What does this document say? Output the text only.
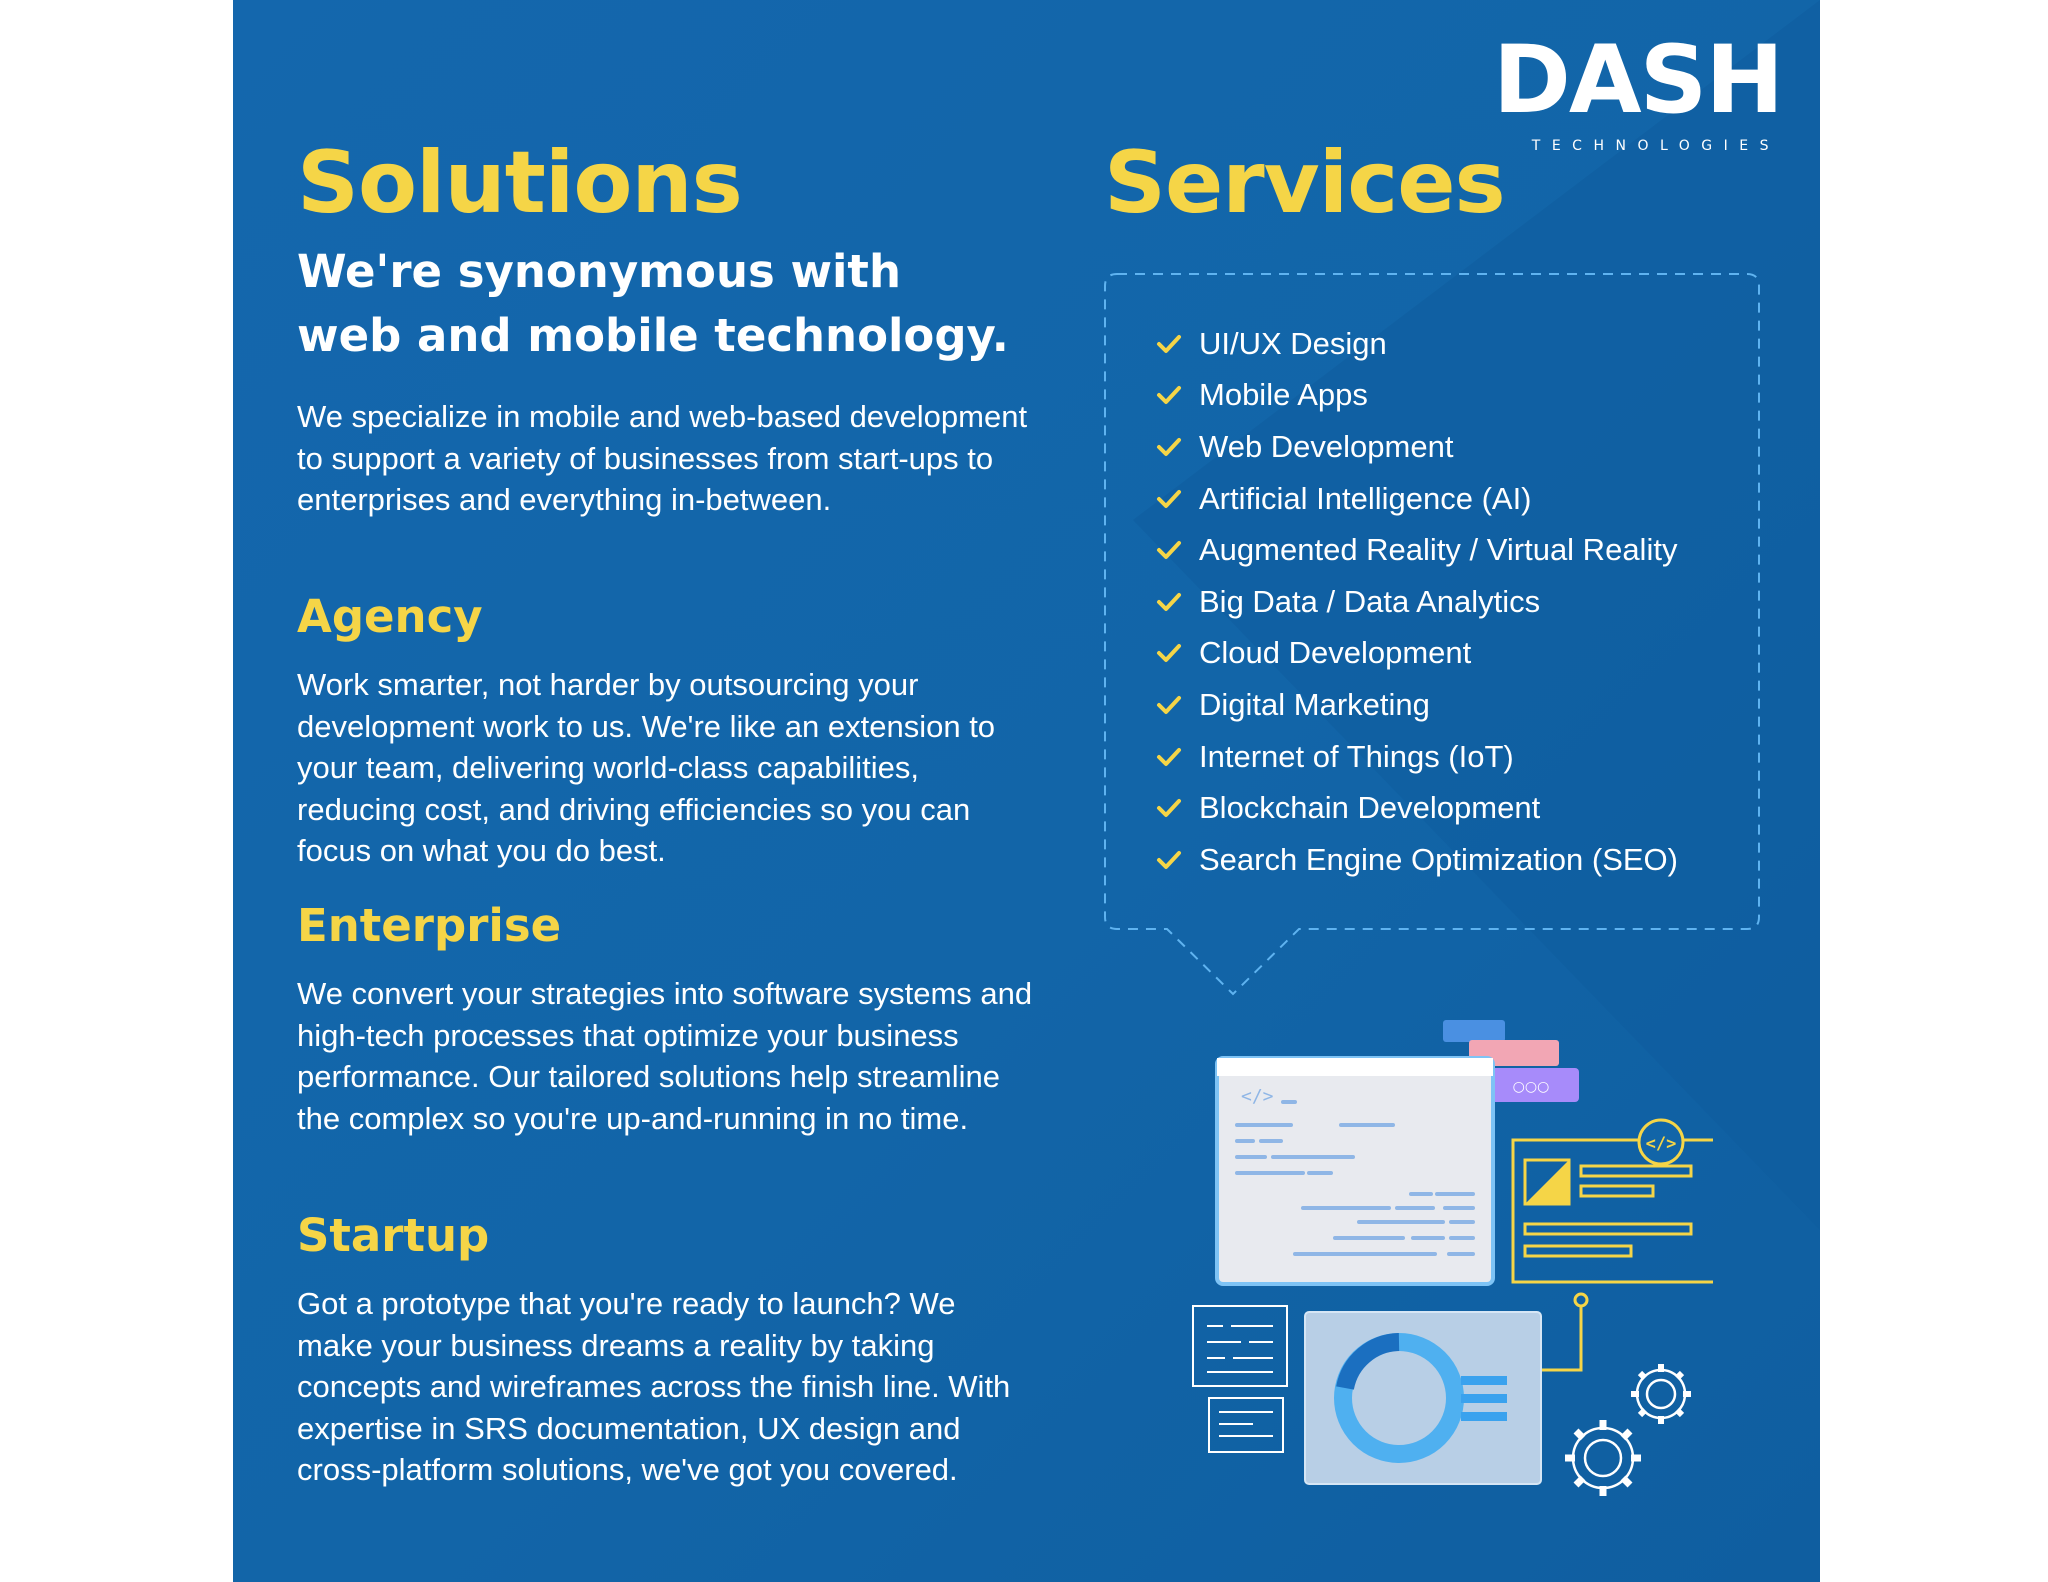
DASH
TECHNOLOGIES
Solutions
We're synonymous with
web and mobile technology.
We specialize in mobile and web-based development to support a variety of businesses from start-ups to enterprises and everything in-between.
Agency
Work smarter, not harder by outsourcing your development work to us. We're like an extension to your team, delivering world-class capabilities, reducing cost, and driving efficiencies so you can focus on what you do best.
Enterprise
We convert your strategies into software systems and high-tech processes that optimize your business performance. Our tailored solutions help streamline the complex so you're up-and-running in no time.
Startup
Got a prototype that you're ready to launch? We make your business dreams a reality by taking concepts and wireframes across the finish line. With expertise in SRS documentation, UX design and cross-platform solutions, we've got you covered.
Services
UI/UX Design
Mobile Apps
Web Development
Artificial Intelligence (AI)
Augmented Reality / Virtual Reality
Big Data / Data Analytics
Cloud Development
Digital Marketing
Internet of Things (IoT)
Blockchain Development
Search Engine Optimization (SEO)
○○○
</>
</>
